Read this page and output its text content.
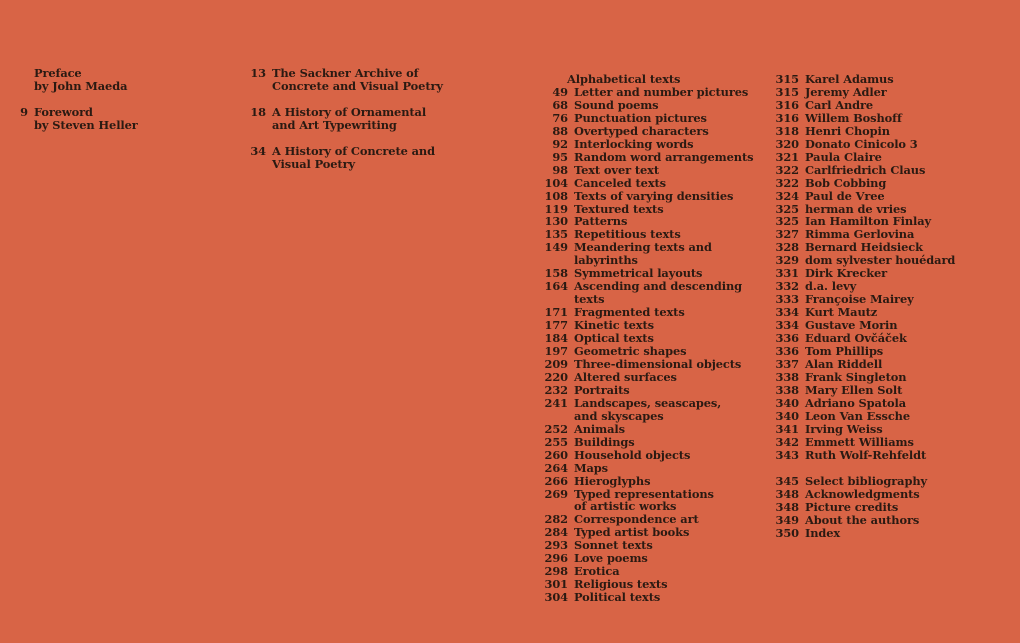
Preface
by John Maeda
9 Foreword
by Steven Heller
13 The Sackner Archive of
Concrete and Visual Poetry
18 A History of Ornamental
and Art Typewriting
34 A History of Concrete and
Visual Poetry
Alphabetical texts
49 Letter and number pictures
68 Sound poems
76 Punctuation pictures
88 Overtyped characters
92 Interlocking words
95 Random word arrangements
98 Text over text
104 Canceled texts
108 Texts of varying densities
119 Textured texts
130 Patterns
135 Repetitious texts
149 Meandering texts and labyrinths
158 Symmetrical layouts
164 Ascending and descending texts
171 Fragmented texts
177 Kinetic texts
184 Optical texts
197 Geometric shapes
209 Three-dimensional objects
220 Altered surfaces
232 Portraits
241 Landscapes, seascapes,
and skyscapes
252 Animals
255 Buildings
260 Household objects
264 Maps
266 Hieroglyphs
269 Typed representations
of artistic works
282 Correspondence art
284 Typed artist books
293 Sonnet texts
296 Love poems
298 Erotica
301 Religious texts
304 Political texts
315 Karel Adamus
315 Jeremy Adler
316 Carl Andre
316 Willem Boshoff
318 Henri Chopin
320 Donato Cinicolo 3
321 Paula Claire
322 Carlfriedrich Claus
322 Bob Cobbing
324 Paul de Vree
325 herman de vries
325 Ian Hamilton Finlay
327 Rimma Gerlovina
328 Bernard Heidsieck
329 dom sylvester houédard
331 Dirk Krecker
332 d.a. levy
333 Françoise Mairey
334 Kurt Mautz
334 Gustave Morin
336 Eduard Ovčáček
336 Tom Phillips
337 Alan Riddell
338 Frank Singleton
338 Mary Ellen Solt
340 Adriano Spatola
340 Leon Van Essche
341 Irving Weiss
342 Emmett Williams
343 Ruth Wolf-Rehfeldt
345 Select bibliography
348 Acknowledgments
348 Picture credits
349 About the authors
350 Index
